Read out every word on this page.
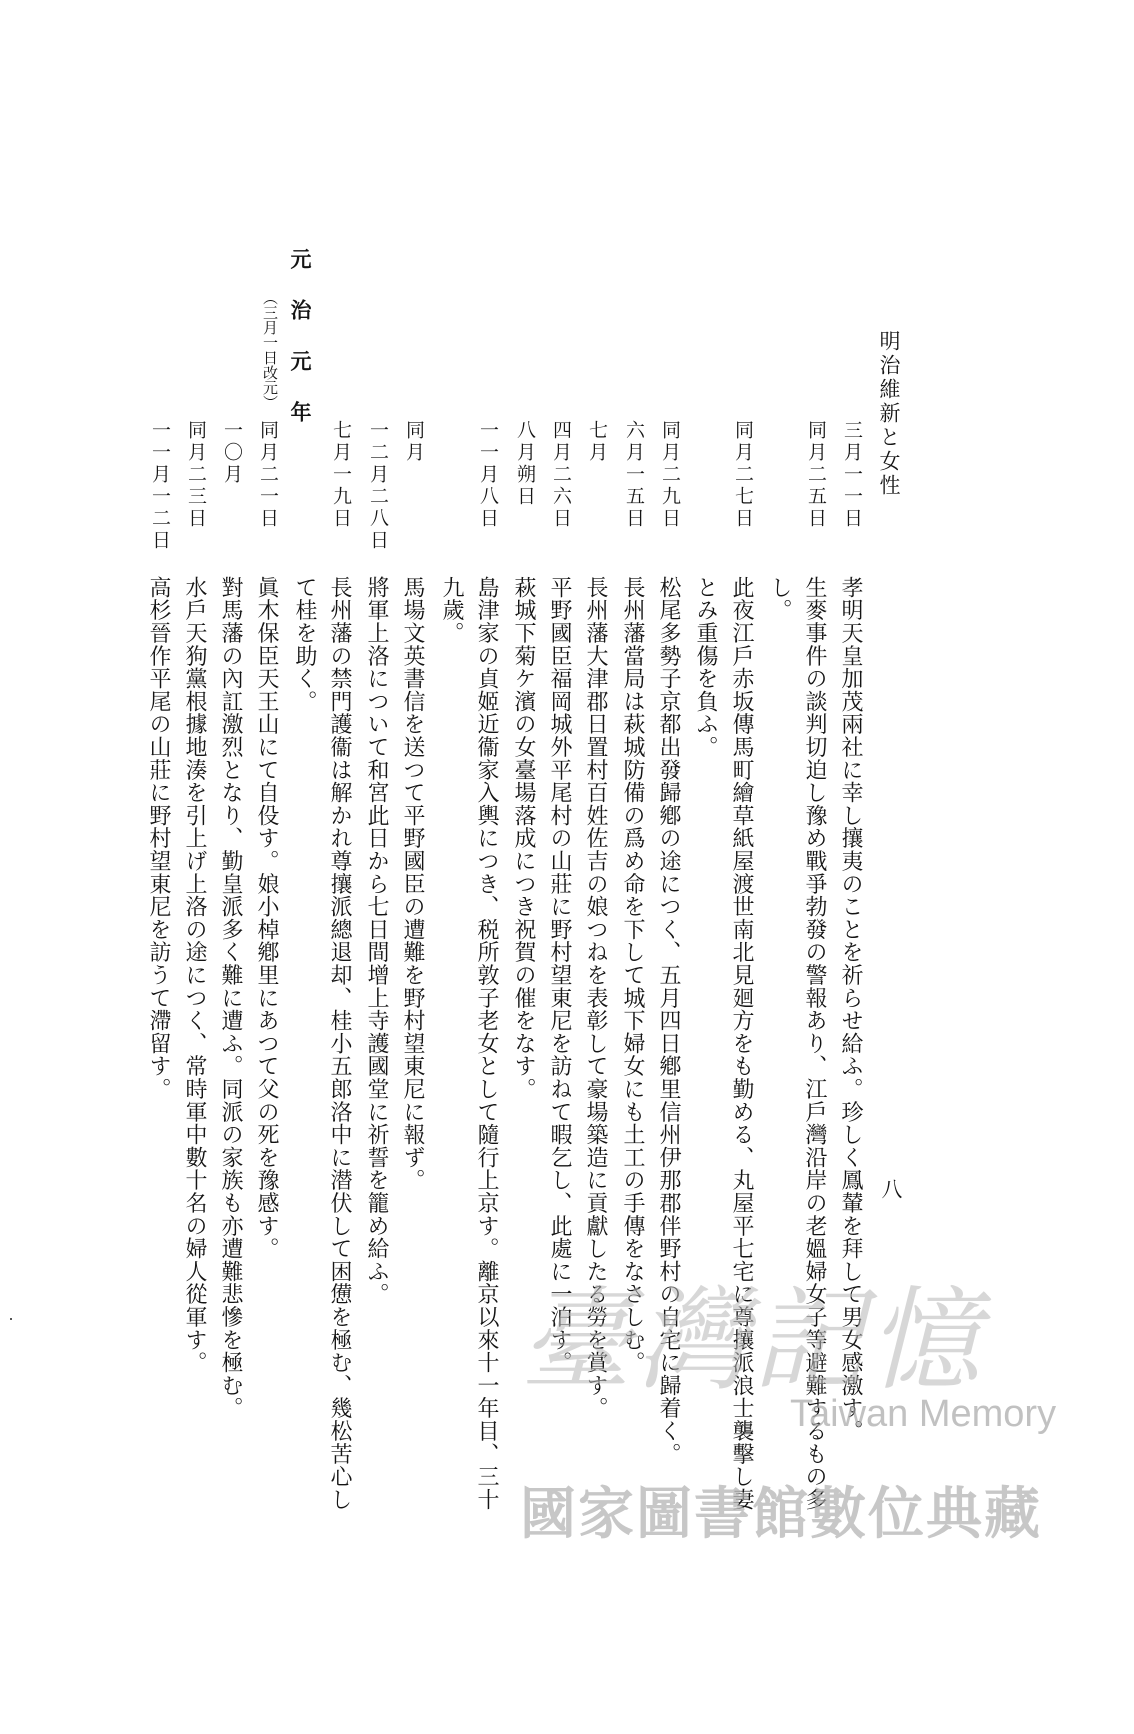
明治維新と女性
八
元治元年
（三月一日改元）
三月一一日
孝明天皇加茂兩社に幸し攘夷のことを祈らせ給ふ。珍しく鳳輦を拜して男女感激す。
同月二五日
生麥事件の談判切迫し豫め戰爭勃發の警報あり、江戶灣沿岸の老媼婦女子等避難するもの多
し。
同月二七日
此夜江戶赤坂傳馬町繪草紙屋渡世南北見廻方をも勤める、丸屋平七宅に尊攘派浪士襲擊し妻
とみ重傷を負ふ。
同月二九日
松尾多勢子京都出發歸鄕の途につく、五月四日鄕里信州伊那郡伴野村の自宅に歸着く。
六月一五日
長州藩當局は萩城防備の爲め命を下して城下婦女にも土工の手傳をなさしむ。
七月
長州藩大津郡日置村百姓佐吉の娘つねを表彰して豪場築造に貢獻したる勞を賞す。
四月二六日
平野國臣福岡城外平尾村の山莊に野村望東尼を訪ねて暇乞し、此處に一泊す。
八月朔日
萩城下菊ケ濱の女臺場落成につき祝賀の催をなす。
一一月八日
島津家の貞姬近衞家入輿につき、税所敦子老女として隨行上京す。離京以來十一年目、三十
九歲。
同月
馬場文英書信を送つて平野國臣の遭難を野村望東尼に報ず。
一二月二八日
將軍上洛について和宮此日から七日間增上寺護國堂に祈誓を籠め給ふ。
七月一九日
長州藩の禁門護衞は解かれ尊攘派總退却、桂小五郎洛中に潜伏して困憊を極む、幾松苦心し
て桂を助く。
同月二一日
眞木保臣天王山にて自伇す。娘小棹鄕里にあつて父の死を豫感す。
一〇月
對馬藩の內訌激烈となり、勤皇派多く難に遭ふ。同派の家族も亦遭難悲慘を極む。
同月二三日
水戶天狗黨根據地湊を引上げ上洛の途につく、常時軍中數十名の婦人從軍す。
一一月一二日
高杉晉作平尾の山莊に野村望東尼を訪うて滯留す。
臺灣記憶
Taiwan Memory
國家圖書館數位典藏
